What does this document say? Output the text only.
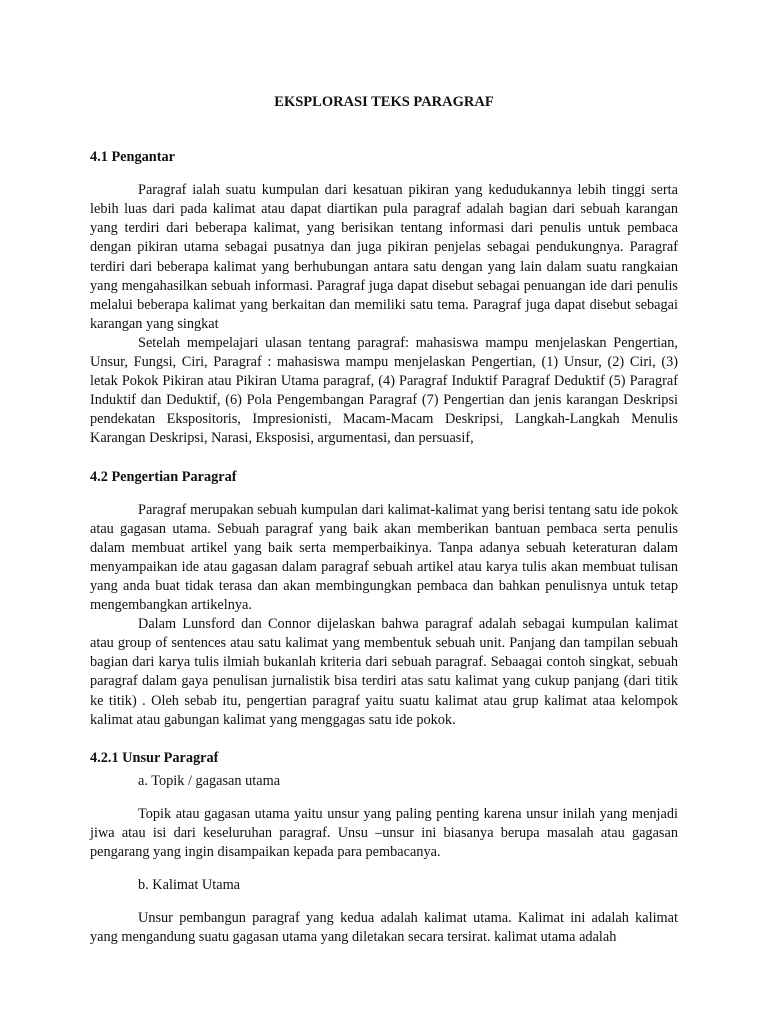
EKSPLORASI TEKS PARAGRAF
4.1 Pengantar

Paragraf ialah suatu kumpulan dari kesatuan pikiran yang kedudukannya lebih tinggi serta lebih luas dari pada kalimat atau dapat diartikan pula paragraf adalah bagian dari sebuah karangan yang terdiri dari beberapa kalimat, yang berisikan tentang informasi dari penulis untuk pembaca dengan pikiran utama sebagai pusatnya dan juga pikiran penjelas sebagai pendukungnya. Paragraf terdiri dari beberapa kalimat yang berhubungan antara satu dengan yang lain dalam suatu rangkaian yang mengahasilkan sebuah informasi. Paragraf juga dapat disebut sebagai penuangan ide dari penulis melalui beberapa kalimat yang berkaitan dan memiliki satu tema. Paragraf juga dapat disebut sebagai karangan yang singkat

Setelah mempelajari ulasan tentang paragraf: mahasiswa mampu menjelaskan Pengertian, Unsur, Fungsi, Ciri, Paragraf : mahasiswa mampu menjelaskan Pengertian, (1) Unsur, (2) Ciri, (3) letak Pokok Pikiran atau Pikiran Utama paragraf, (4) Paragraf Induktif Paragraf Deduktif (5) Paragraf Induktif dan Deduktif, (6) Pola Pengembangan Paragraf (7) Pengertian dan jenis karangan Deskripsi pendekatan Ekspositoris, Impresionisti, Macam-Macam Deskripsi, Langkah-Langkah Menulis Karangan Deskripsi, Narasi, Eksposisi, argumentasi, dan persuasif,

4.2 Pengertian Paragraf

Paragraf merupakan sebuah kumpulan dari kalimat-kalimat yang berisi tentang satu ide pokok atau gagasan utama. Sebuah paragraf yang baik akan memberikan bantuan pembaca serta penulis dalam membuat artikel yang baik serta memperbaikinya. Tanpa adanya sebuah keteraturan dalam menyampaikan ide atau gagasan dalam paragraf sebuah artikel atau karya tulis akan membuat tulisan yang anda buat tidak terasa dan akan membingungkan pembaca dan bahkan penulisnya untuk tetap mengembangkan artikelnya.

Dalam Lunsford dan Connor dijelaskan bahwa paragraf adalah sebagai kumpulan kalimat atau group of sentences atau satu kalimat yang membentuk sebuah unit. Panjang dan tampilan sebuah bagian dari karya tulis ilmiah bukanlah kriteria dari sebuah paragraf. Sebaagai contoh singkat, sebuah paragraf dalam gaya penulisan jurnalistik bisa terdiri atas satu kalimat yang cukup panjang (dari titik ke titik) . Oleh sebab itu, pengertian paragraf yaitu suatu kalimat atau grup kalimat ataa kelompok kalimat atau gabungan kalimat yang menggagas satu ide pokok.

4.2.1 Unsur Paragraf

a. Topik / gagasan utama

Topik atau gagasan utama yaitu unsur yang paling penting karena unsur inilah yang menjadi jiwa atau isi dari keseluruhan paragraf. Unsu –unsur ini biasanya berupa masalah atau gagasan pengarang yang ingin disampaikan kepada para pembacanya.

b. Kalimat Utama

Unsur pembangun paragraf yang kedua adalah kalimat utama. Kalimat ini adalah kalimat yang mengandung suatu gagasan utama yang diletakan secara tersirat. kalimat utama adalah
